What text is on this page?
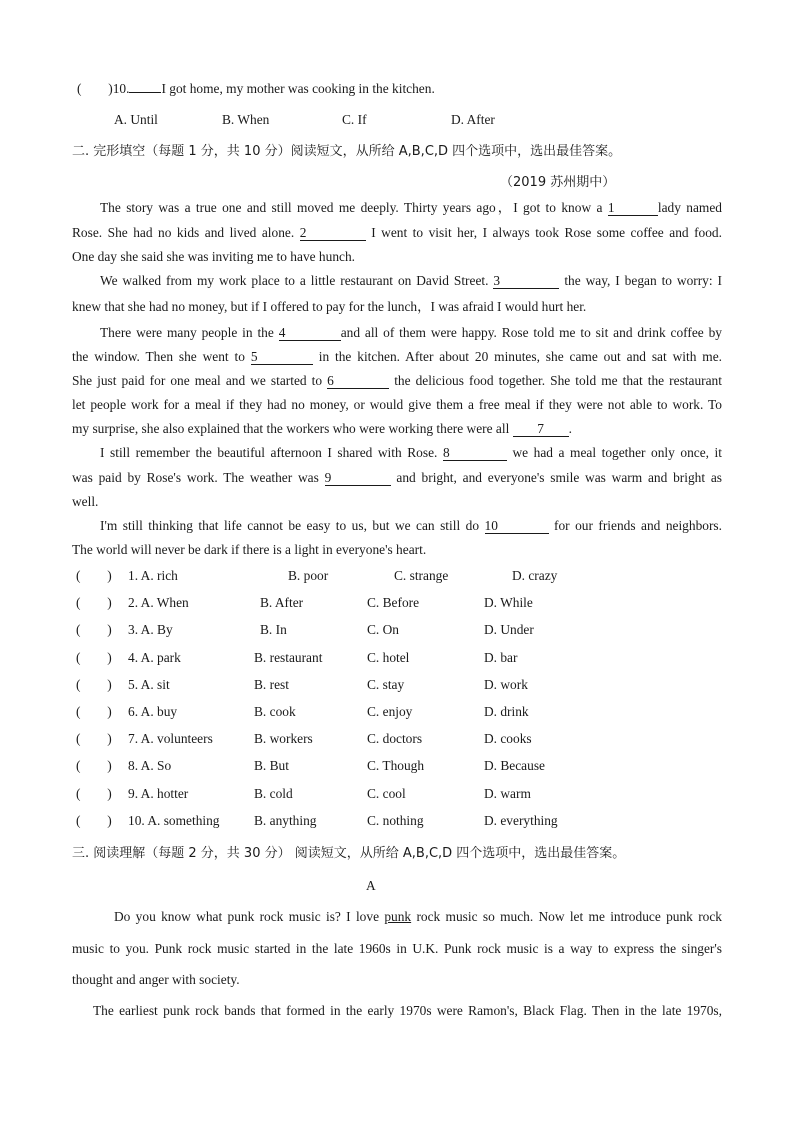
(　　)10. I got home, my mother was cooking in the kitchen.
A. Until	B. When	C. If	D. After
二. 完形填空（每题 1 分，共 10 分）阅读短文，从所给 A,B,C,D 四个选项中，选出最佳答案。
（2019 苏州期中）
The story was a true one and still moved me deeply. Thirty years ago，I got to know a 1	lady named
Rose. She had no kids and lived alone. 2	I went to visit her, I always took Rose some coffee and food.
One day she said she was inviting me to have hunch.
We walked from my work place to a little restaurant on David Street. 3	the way, I began to worry: I
knew that she had no money, but if I offered to pay for the lunch，I was afraid I would hurt her.
There were many people in the 4	and all of them were happy. Rose told me to sit and drink coffee by
the window. Then she went to 5	in the kitchen. After about 20 minutes, she came out and sat with me.
She just paid for one meal and we started to 6	the delicious food together. She told me that the restaurant
let people work for a meal if they had no money, or would give them a free meal if they were not able to work. To
my surprise, she also explained that the workers who were working there were all 7 .
I still remember the beautiful afternoon I shared with Rose. 8	we had a meal together only once, it
was paid by Rose's work. The weather was 9	and bright, and everyone's smile was warm and bright as
well.
I'm still thinking that life cannot be easy to us, but we can still do 10	for our friends and neighbors.
The world will never be dark if there is a light in everyone's heart.
(　　) 1. A. rich	B. poor	C. strange	D. crazy
(　　) 2. A. When	B. After	C. Before	D. While
(　　) 3. A. By	B. In	C. On	D. Under
(　　) 4. A. park	B. restaurant	C. hotel	D. bar
(　　) 5. A. sit	B. rest	C. stay	D. work
(　　) 6. A. buy	B. cook	C. enjoy	D. drink
(　　) 7. A. volunteers	B. workers	C. doctors	D. cooks
(　　) 8. A. So	B. But	C. Though	D. Because
(　　) 9. A. hotter	B. cold	C. cool	D. warm
(　　) 10. A. something	B. anything	C. nothing	D. everything
三. 阅读理解（每题 2 分，共 30 分） 阅读短文，从所给 A,B,C,D 四个选项中，选出最佳答案。
A
Do you know what punk rock music is? I love punk rock music so much. Now let me introduce punk rock
music to you. Punk rock music started in the late 1960s in U.K. Punk rock music is a way to express the singer's
thought and anger with society.
The earliest punk rock bands that formed in the early 1970s were Ramon's, Black Flag. Then in the late 1970s,
